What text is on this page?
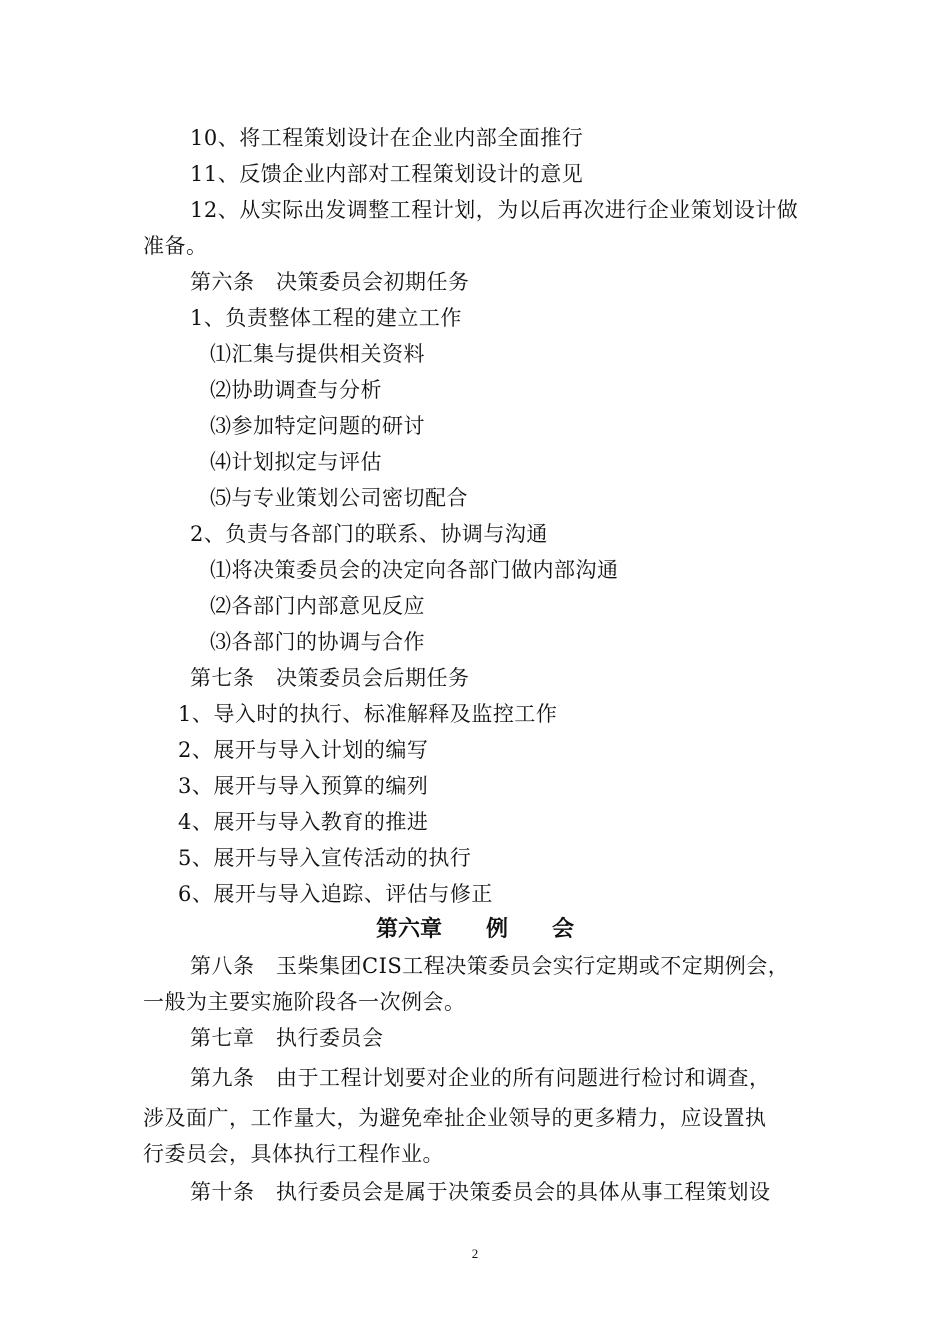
10、将工程策划设计在企业内部全面推行
11、反馈企业内部对工程策划设计的意见
12、从实际出发调整工程计划，为以后再次进行企业策划设计做
准备。
第六条　决策委员会初期任务
1、负责整体工程的建立工作
⑴汇集与提供相关资料
⑵协助调查与分析
⑶参加特定问题的研讨
⑷计划拟定与评估
⑸与专业策划公司密切配合
2、负责与各部门的联系、协调与沟通
⑴将决策委员会的决定向各部门做内部沟通
⑵各部门内部意见反应
⑶各部门的协调与合作
第七条　决策委员会后期任务
1、导入时的执行、标准解释及监控工作
2、展开与导入计划的编写
3、展开与导入预算的编列
4、展开与导入教育的推进
5、展开与导入宣传活动的执行
6、展开与导入追踪、评估与修正
第六章　　例　　会
第八条　玉柴集团CIS工程决策委员会实行定期或不定期例会，
一般为主要实施阶段各一次例会。
第七章　执行委员会
第九条　由于工程计划要对企业的所有问题进行检讨和调查，
涉及面广，工作量大，为避免牵扯企业领导的更多精力，应设置执
行委员会，具体执行工程作业。
第十条　执行委员会是属于决策委员会的具体从事工程策划设
2
